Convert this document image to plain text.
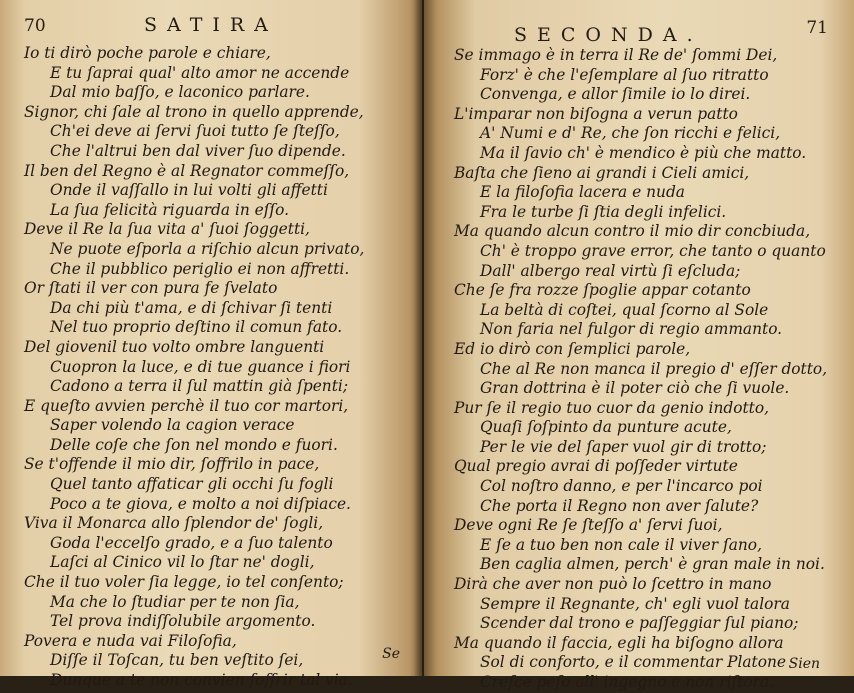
70	SATIRA
Io ti dirò poche parole e chiare,
E tu ſaprai qual' alto amor ne accende
Dal mio baſſo, e laconico parlare.
Signor, chi ſale al trono in quello apprende,
Ch'ei deve ai ſervi ſuoi tutto ſe ſteſſo,
Che l'altrui ben dal viver ſuo dipende.
Il ben del Regno è al Regnator commeſſo,
Onde il vaſſallo in lui volti gli affetti
La ſua felicità riguarda in eſſo.
Deve il Re la ſua vita a' ſuoi ſoggetti,
Ne puote eſporla a riſchio alcun privato,
Che il pubblico periglio ei non affretti.
Or ſtati il ver con pura fe ſvelato
Da chi più t'ama, e di ſchivar ſi tenti
Nel tuo proprio deſtino il comun fato.
Del giovenil tuo volto ombre languenti
Cuopron la luce, e di tue guance i fiori
Cadono a terra il ſul mattin già ſpenti;
E queſto avvien perchè il tuo cor martori,
Saper volendo la cagion verace
Delle coſe che ſon nel mondo e fuori.
Se t'offende il mio dir, ſoffrilo in pace,
Quel tanto affaticar gli occhi ſu fogli
Poco a te giova, e molto a noi diſpiace.
Viva il Monarca allo ſplendor de' ſogli,
Goda l'eccelſo grado, e a ſuo talento
Laſci al Cinico vil lo ſtar ne' dogli,
Che il tuo voler ſia legge, io tel conſento;
Ma che lo ſtudiar per te non ſia,
Tel prova indiſſolubile argomento.
Povera e nuda vai Filoſofia,
Diſſe il Toſcan, tu ben veſtito ſei,
Dunque a te non convien ſoffrir tal via.
Se
SECONDA.	71
Se immago è in terra il Re de' ſommi Dei,
Forz' è che l'eſemplare al ſuo ritratto
Convenga, e allor ſimile io lo direi.
L'imparar non biſogna a verun patto
A' Numi e d' Re, che ſon ricchi e felici,
Ma il ſavio ch' è mendico è più che matto.
Baſta che ſieno ai grandi i Cieli amici,
E la filoſofia lacera e nuda
Fra le turbe ſi ſtia degli infelici.
Ma quando alcun contro il mio dir concbiuda,
Ch' è troppo grave error, che tanto o quanto
Dall' albergo real virtù ſi eſcluda;
Che ſe fra rozze ſpoglie appar cotanto
La beltà di coſtei, qual ſcorno al Sole
Non faria nel fulgor di regio ammanto.
Ed io dirò con ſemplici parole,
Che al Re non manca il pregio d' eſſer dotto,
Gran dottrina è il poter ciò che ſi vuole.
Pur ſe il regio tuo cuor da genio indotto,
Quaſi ſoſpinto da punture acute,
Per le vie del ſaper vuol gir di trotto;
Qual pregio avrai di poſſeder virtute
Col noſtro danno, e per l'incarco poi
Che porta il Regno non aver ſalute?
Deve ogni Re ſe ſteſſo a' ſervi ſuoi,
E ſe a tuo ben non cale il viver ſano,
Ben caglia almen, perch' è gran male in noi.
Dirà che aver non può lo ſcettro in mano
Sempre il Regnante, ch' egli vuol talora
Scender dal trono e paſſeggiar ſul piano;
Ma quando il faccia, egli ha biſogno allora
Sol di conforto, e il commentar Platone
Creſce peſo all' ingegno e non riſtora.
Sien
